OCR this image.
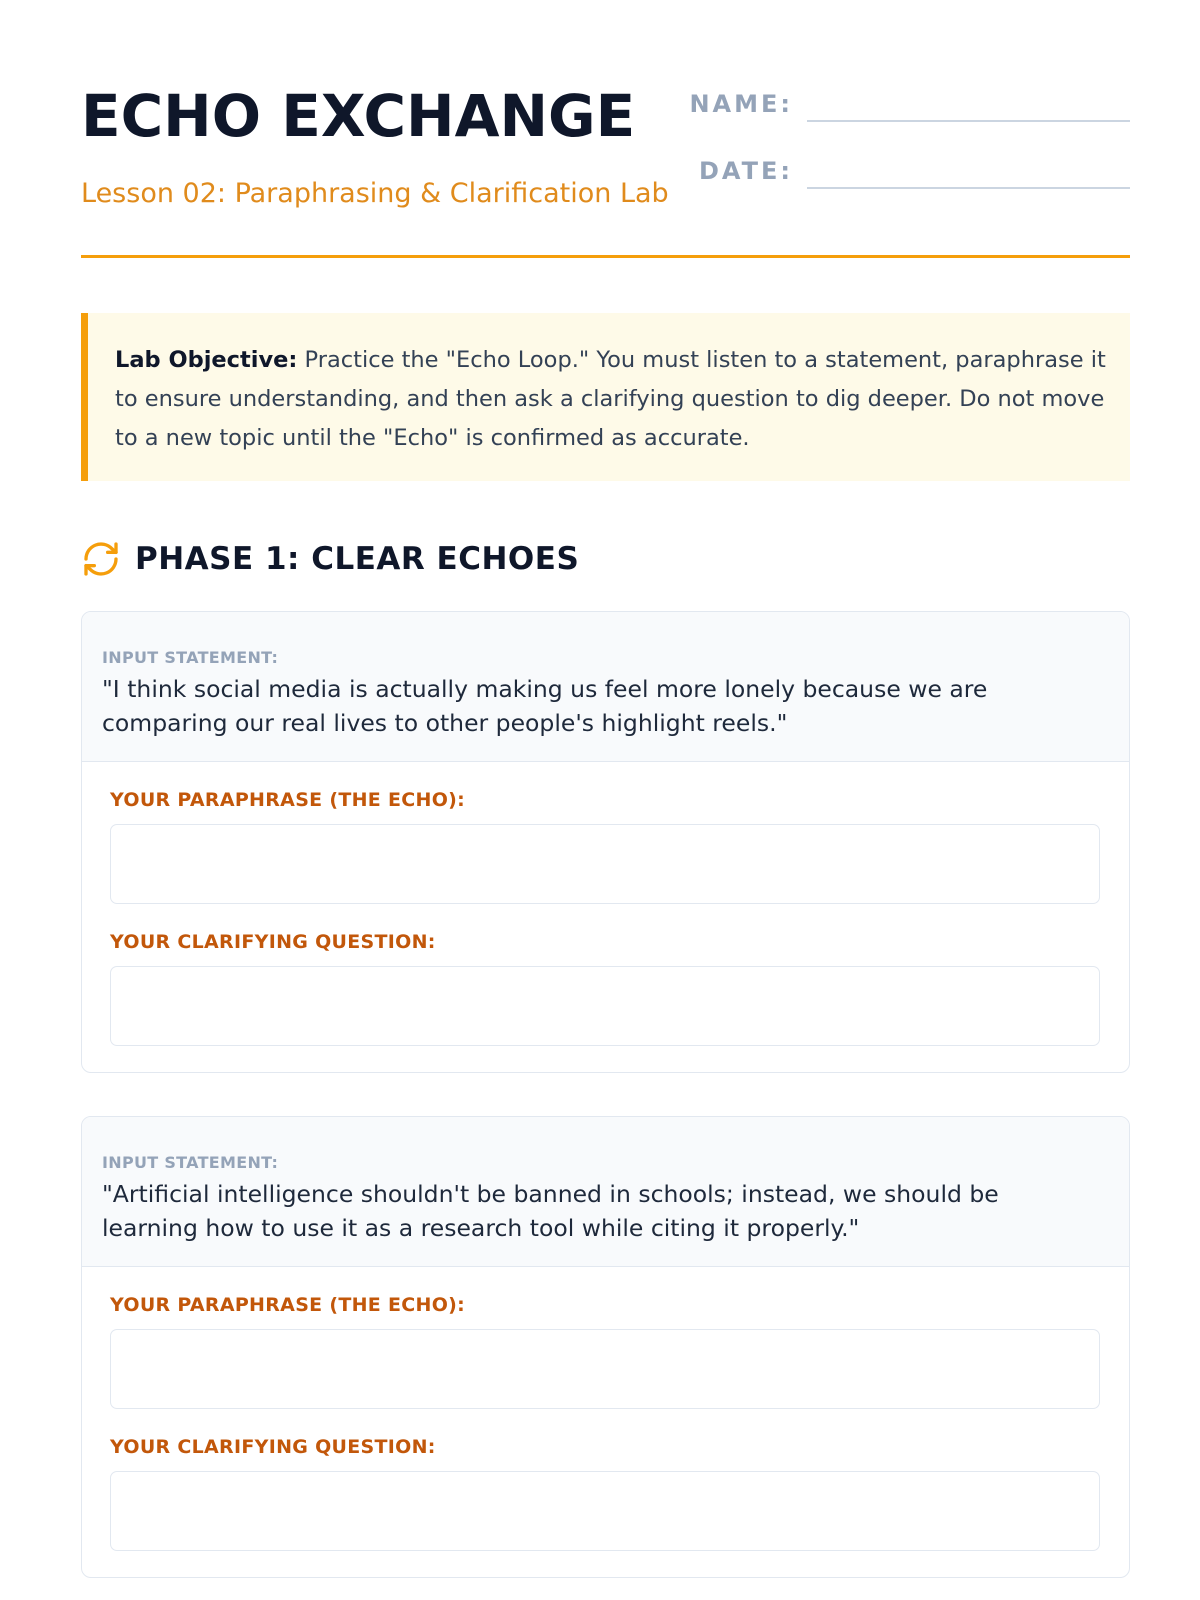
ECHO EXCHANGE
Lesson 02: Paraphrasing & Clarification Lab
NAME:
DATE:
Lab Objective: Practice the "Echo Loop." You must listen to a statement, paraphrase it to ensure understanding, and then ask a clarifying question to dig deeper. Do not move to a new topic until the "Echo" is confirmed as accurate.
PHASE 1: CLEAR ECHOES
INPUT STATEMENT:
"I think social media is actually making us feel more lonely because we are comparing our real lives to other people's highlight reels."
YOUR PARAPHRASE (THE ECHO):
YOUR CLARIFYING QUESTION:
INPUT STATEMENT:
"Artificial intelligence shouldn't be banned in schools; instead, we should be learning how to use it as a research tool while citing it properly."
YOUR PARAPHRASE (THE ECHO):
YOUR CLARIFYING QUESTION:
